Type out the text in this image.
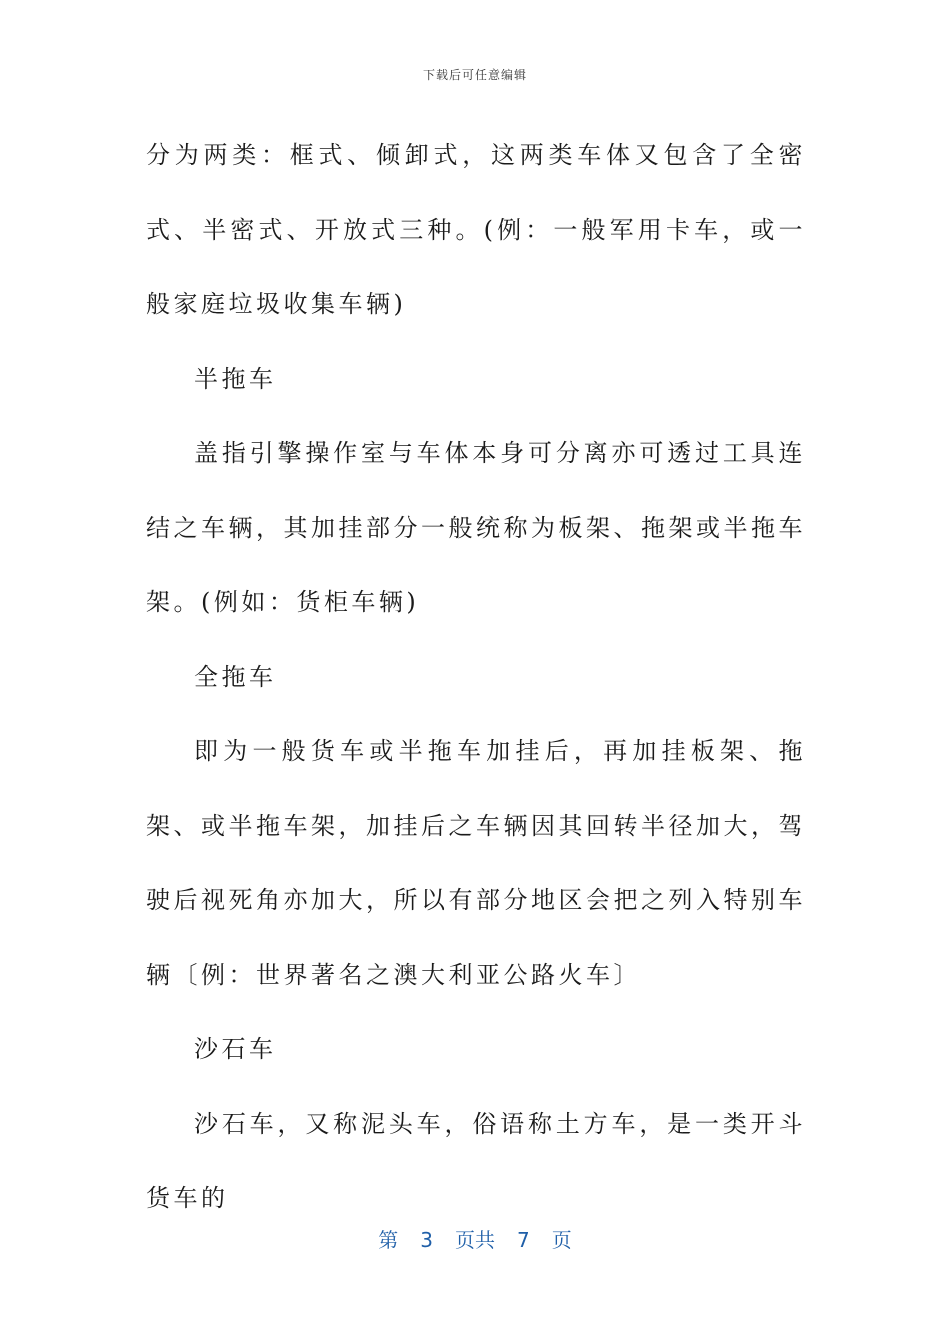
下载后可任意编辑

分为两类：框式、倾卸式，这两类车体又包含了全密式、半密式、开放式三种。(例：一般军用卡车，或一般家庭垃圾收集车辆)

半拖车

盖指引擎操作室与车体本身可分离亦可透过工具连结之车辆，其加挂部分一般统称为板架、拖架或半拖车架。(例如：货柜车辆)

全拖车

即为一般货车或半拖车加挂后，再加挂板架、拖架、或半拖车架，加挂后之车辆因其回转半径加大，驾驶后视死角亦加大，所以有部分地区会把之列入特别车辆〔例：世界著名之澳大利亚公路火车〕

沙石车

沙石车，又称泥头车，俗语称土方车，是一类开斗货车的

第 3 页共 7 页
